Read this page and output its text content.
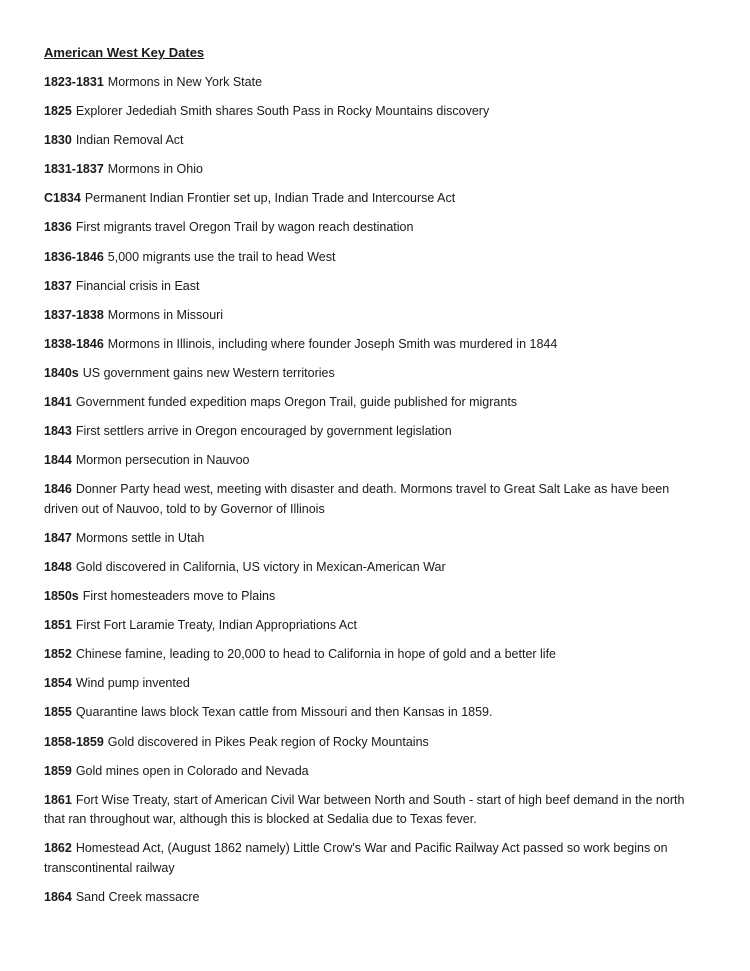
American West Key Dates
1823-1831 Mormons in New York State
1825 Explorer Jedediah Smith shares South Pass in Rocky Mountains discovery
1830 Indian Removal Act
1831-1837 Mormons in Ohio
C1834 Permanent Indian Frontier set up, Indian Trade and Intercourse Act
1836 First migrants travel Oregon Trail by wagon reach destination
1836-1846 5,000 migrants use the trail to head West
1837 Financial crisis in East
1837-1838 Mormons in Missouri
1838-1846 Mormons in Illinois, including where founder Joseph Smith was murdered in 1844
1840s US government gains new Western territories
1841 Government funded expedition maps Oregon Trail, guide published for migrants
1843 First settlers arrive in Oregon encouraged by government legislation
1844 Mormon persecution in Nauvoo
1846 Donner Party head west, meeting with disaster and death. Mormons travel to Great Salt Lake as have been driven out of Nauvoo, told to by Governor of Illinois
1847 Mormons settle in Utah
1848 Gold discovered in California, US victory in Mexican-American War
1850s First homesteaders move to Plains
1851 First Fort Laramie Treaty, Indian Appropriations Act
1852 Chinese famine, leading to 20,000 to head to California in hope of gold and a better life
1854 Wind pump invented
1855 Quarantine laws block Texan cattle from Missouri and then Kansas in 1859.
1858-1859 Gold discovered in Pikes Peak region of Rocky Mountains
1859 Gold mines open in Colorado and Nevada
1861 Fort Wise Treaty, start of American Civil War between North and South - start of high beef demand in the north that ran throughout war, although this is blocked at Sedalia due to Texas fever.
1862 Homestead Act, (August 1862 namely) Little Crow's War and Pacific Railway Act passed so work begins on transcontinental railway
1864 Sand Creek massacre
